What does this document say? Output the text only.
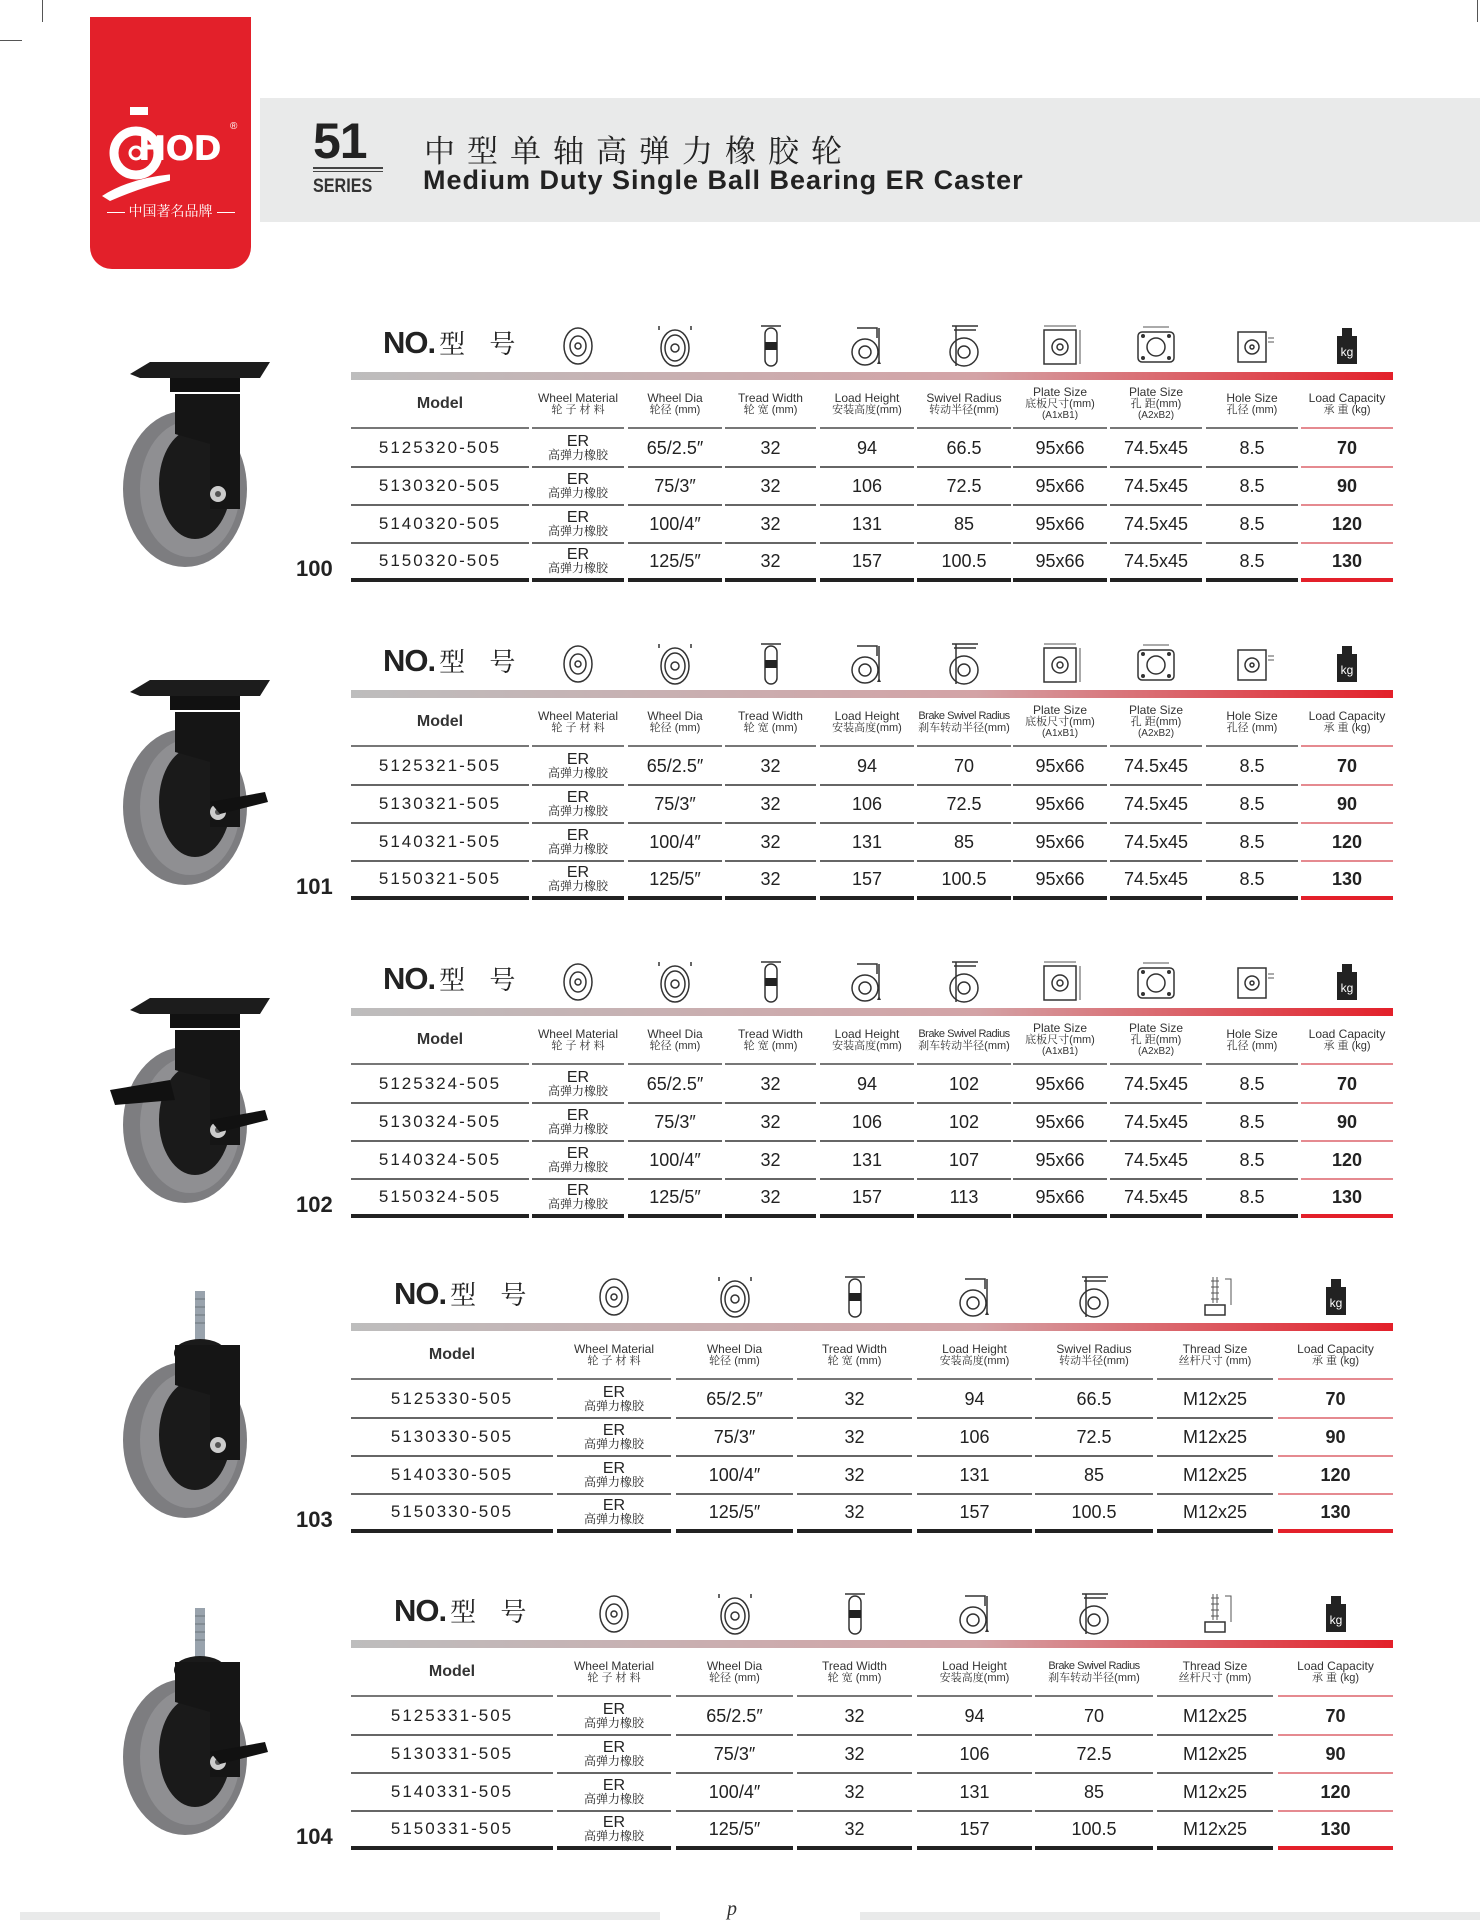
HOD
®
中国著名品牌
51
SERIES
中型单轴高弹力橡胶轮
Medium Duty Single Ball Bearing ER Caster
100
NO. 型 号
Model
5125320-505
5130320-505
5140320-505
5150320-505
Wheel Material
轮 子 材 料
ER
高弹力橡胶
ER
高弹力橡胶
ER
高弹力橡胶
ER
高弹力橡胶
Wheel Dia
轮径 (mm)
65/2.5″
75/3″
100/4″
125/5″
Tread Width
轮 宽 (mm)
32
32
32
32
Load Height
安装高度(mm)
94
106
131
157
Swivel Radius
转动半径(mm)
66.5
72.5
85
100.5
Plate Size
底板尺寸(mm)
(A1xB1)
95x66
95x66
95x66
95x66
Plate Size
孔 距(mm)
(A2xB2)
74.5x45
74.5x45
74.5x45
74.5x45
Hole Size
孔径 (mm)
8.5
8.5
8.5
8.5
kg
Load Capacity
承 重 (kg)
70
90
120
130
101
NO. 型 号
Model
5125321-505
5130321-505
5140321-505
5150321-505
Wheel Material
轮 子 材 料
ER
高弹力橡胶
ER
高弹力橡胶
ER
高弹力橡胶
ER
高弹力橡胶
Wheel Dia
轮径 (mm)
65/2.5″
75/3″
100/4″
125/5″
Tread Width
轮 宽 (mm)
32
32
32
32
Load Height
安装高度(mm)
94
106
131
157
Brake Swivel Radius
刹车转动半径(mm)
70
72.5
85
100.5
Plate Size
底板尺寸(mm)
(A1xB1)
95x66
95x66
95x66
95x66
Plate Size
孔 距(mm)
(A2xB2)
74.5x45
74.5x45
74.5x45
74.5x45
Hole Size
孔径 (mm)
8.5
8.5
8.5
8.5
kg
Load Capacity
承 重 (kg)
70
90
120
130
102
NO. 型 号
Model
5125324-505
5130324-505
5140324-505
5150324-505
Wheel Material
轮 子 材 料
ER
高弹力橡胶
ER
高弹力橡胶
ER
高弹力橡胶
ER
高弹力橡胶
Wheel Dia
轮径 (mm)
65/2.5″
75/3″
100/4″
125/5″
Tread Width
轮 宽 (mm)
32
32
32
32
Load Height
安装高度(mm)
94
106
131
157
Brake Swivel Radius
刹车转动半径(mm)
102
102
107
113
Plate Size
底板尺寸(mm)
(A1xB1)
95x66
95x66
95x66
95x66
Plate Size
孔 距(mm)
(A2xB2)
74.5x45
74.5x45
74.5x45
74.5x45
Hole Size
孔径 (mm)
8.5
8.5
8.5
8.5
kg
Load Capacity
承 重 (kg)
70
90
120
130
103
NO. 型 号
Model
5125330-505
5130330-505
5140330-505
5150330-505
Wheel Material
轮 子 材 料
ER
高弹力橡胶
ER
高弹力橡胶
ER
高弹力橡胶
ER
高弹力橡胶
Wheel Dia
轮径 (mm)
65/2.5″
75/3″
100/4″
125/5″
Tread Width
轮 宽 (mm)
32
32
32
32
Load Height
安装高度(mm)
94
106
131
157
Swivel Radius
转动半径(mm)
66.5
72.5
85
100.5
Thread Size
丝杆尺寸 (mm)
M12x25
M12x25
M12x25
M12x25
kg
Load Capacity
承 重 (kg)
70
90
120
130
104
NO. 型 号
Model
5125331-505
5130331-505
5140331-505
5150331-505
Wheel Material
轮 子 材 料
ER
高弹力橡胶
ER
高弹力橡胶
ER
高弹力橡胶
ER
高弹力橡胶
Wheel Dia
轮径 (mm)
65/2.5″
75/3″
100/4″
125/5″
Tread Width
轮 宽 (mm)
32
32
32
32
Load Height
安装高度(mm)
94
106
131
157
Brake Swivel Radius
刹车转动半径(mm)
70
72.5
85
100.5
Thread Size
丝杆尺寸 (mm)
M12x25
M12x25
M12x25
M12x25
kg
Load Capacity
承 重 (kg)
70
90
120
130
p
